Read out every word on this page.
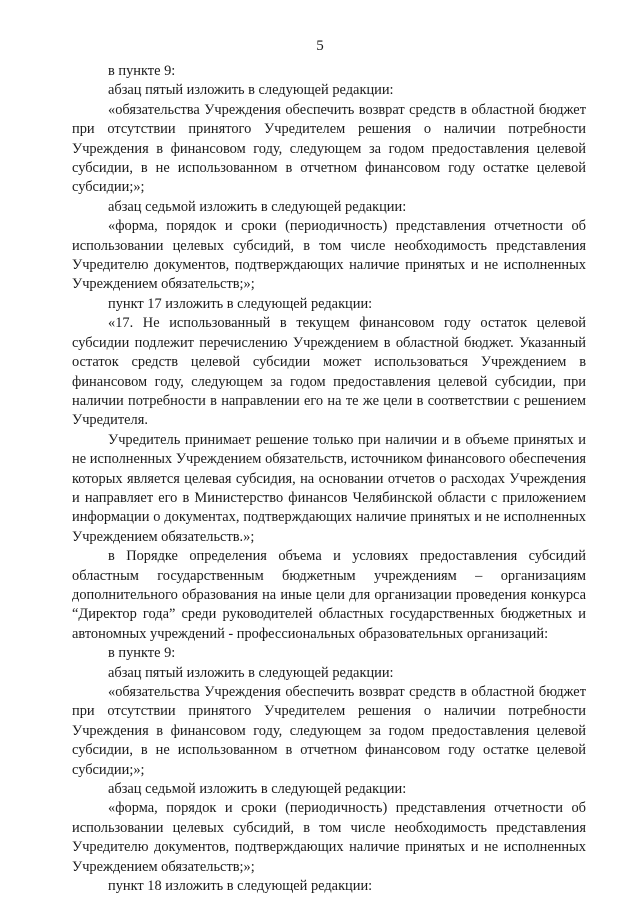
5

в пункте 9:

абзац пятый изложить в следующей редакции:

«обязательства Учреждения обеспечить возврат средств в областной бюджет при отсутствии принятого Учредителем решения о наличии потребности Учреждения в финансовом году, следующем за годом предоставления целевой субсидии, в не использованном в отчетном финансовом году остатке целевой субсидии;»;

абзац седьмой изложить в следующей редакции:

«форма, порядок и сроки (периодичность) представления отчетности об использовании целевых субсидий, в том числе необходимость представления Учредителю документов, подтверждающих наличие принятых и не исполненных Учреждением обязательств;»;

пункт 17 изложить в следующей редакции:

«17. Не использованный в текущем финансовом году остаток целевой субсидии подлежит перечислению Учреждением в областной бюджет. Указанный остаток средств целевой субсидии может использоваться Учреждением в финансовом году, следующем за годом предоставления целевой субсидии, при наличии потребности в направлении его на те же цели в соответствии с решением Учредителя.

Учредитель принимает решение только при наличии и в объеме принятых и не исполненных Учреждением обязательств, источником финансового обеспечения которых является целевая субсидия, на основании отчетов о расходах Учреждения и направляет его в Министерство финансов Челябинской области с приложением информации о документах, подтверждающих наличие принятых и не исполненных Учреждением обязательств.»;

в Порядке определения объема и условиях предоставления субсидий областным государственным бюджетным учреждениям – организациям дополнительного образования на иные цели для организации проведения конкурса “Директор года” среди руководителей областных государственных бюджетных и автономных учреждений - профессиональных образовательных организаций:

в пункте 9:

абзац пятый изложить в следующей редакции:

«обязательства Учреждения обеспечить возврат средств в областной бюджет при отсутствии принятого Учредителем решения о наличии потребности Учреждения в финансовом году, следующем за годом предоставления целевой субсидии, в не использованном в отчетном финансовом году остатке целевой субсидии;»;

абзац седьмой изложить в следующей редакции:

«форма, порядок и сроки (периодичность) представления отчетности об использовании целевых субсидий, в том числе необходимость представления Учредителю документов, подтверждающих наличие принятых и не исполненных Учреждением обязательств;»;

пункт 18 изложить в следующей редакции:
